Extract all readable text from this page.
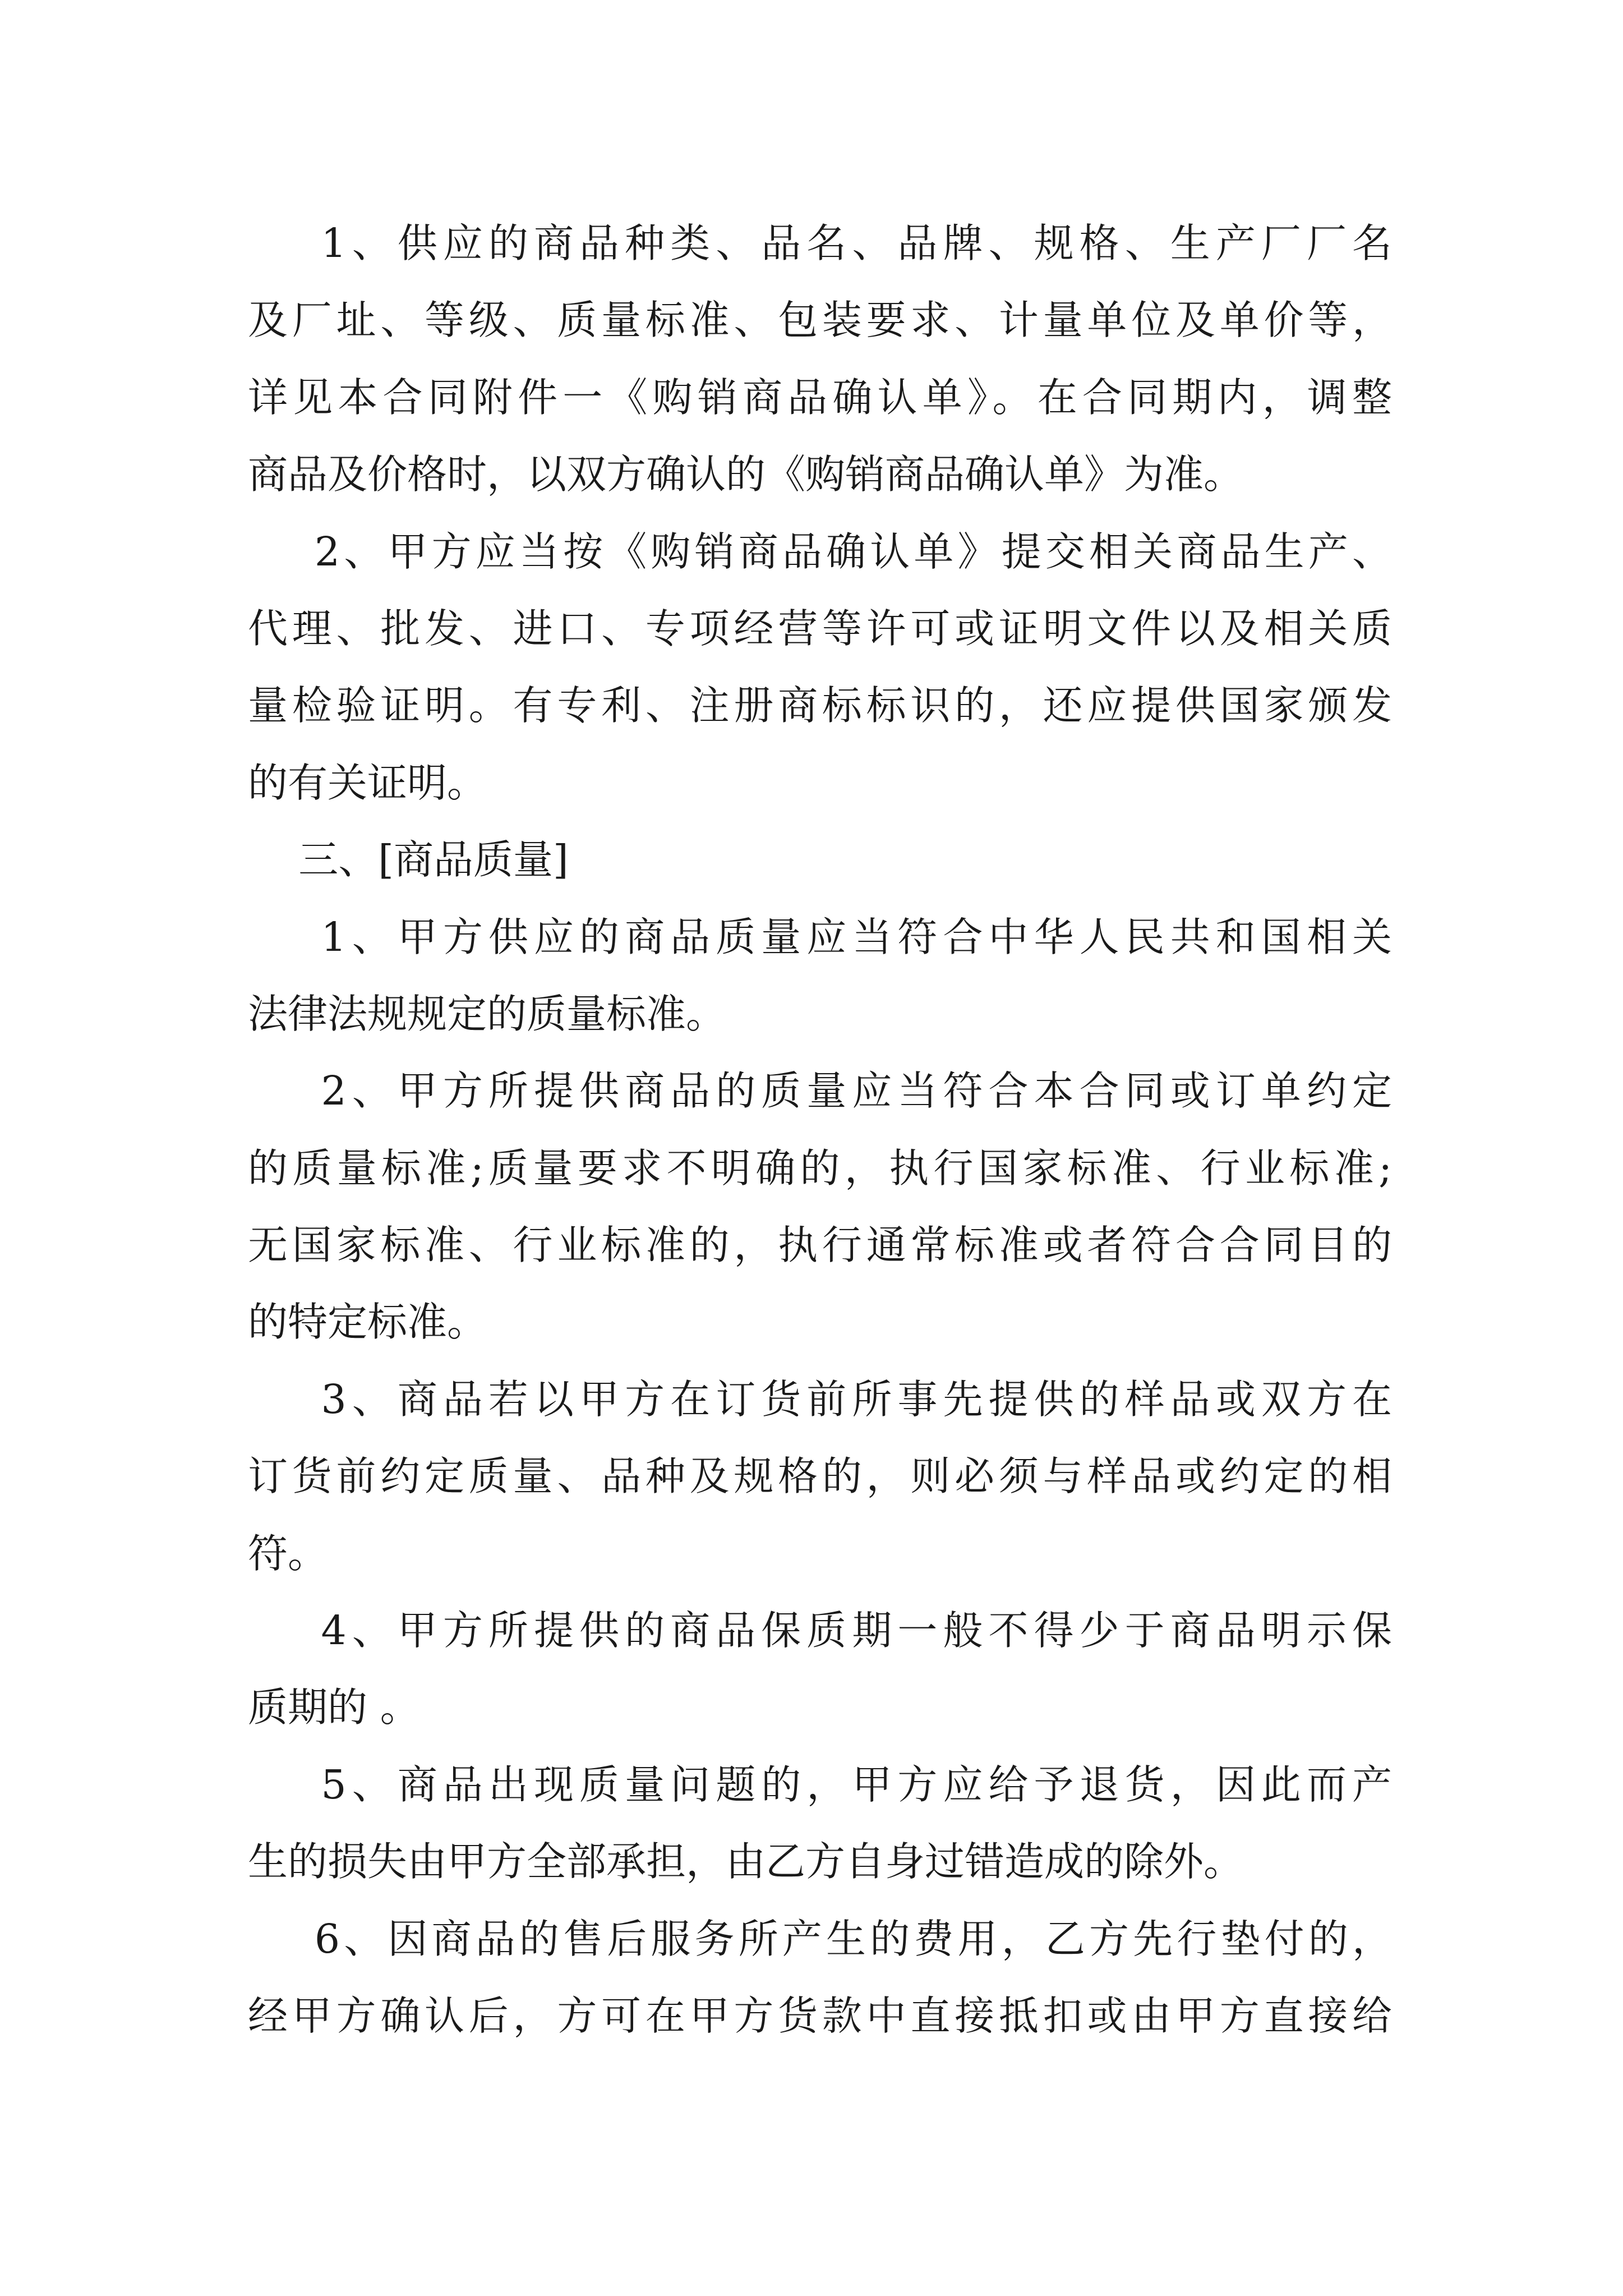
1、供应的商品种类、品名、品牌、规格、生产厂厂名
及厂址、等级、质量标准、包装要求、计量单位及单价等，
详见本合同附件一《购销商品确认单》。在合同期内，调整
商品及价格时，以双方确认的《购销商品确认单》为准。

2、甲方应当按《购销商品确认单》提交相关商品生产、
代理、批发、进口、专项经营等许可或证明文件以及相关质
量检验证明。有专利、注册商标标识的，还应提供国家颁发
的有关证明。

三、[商品质量]

1、甲方供应的商品质量应当符合中华人民共和国相关
法律法规规定的质量标准。

2、甲方所提供商品的质量应当符合本合同或订单约定
的质量标准;质量要求不明确的，执行国家标准、行业标准;
无国家标准、行业标准的，执行通常标准或者符合合同目的
的特定标准。

3、商品若以甲方在订货前所事先提供的样品或双方在
订货前约定质量、品种及规格的，则必须与样品或约定的相
符。

4、甲方所提供的商品保质期一般不得少于商品明示保
质期的 。

5、商品出现质量问题的，甲方应给予退货，因此而产
生的损失由甲方全部承担，由乙方自身过错造成的除外。

6、因商品的售后服务所产生的费用，乙方先行垫付的，
经甲方确认后，方可在甲方货款中直接抵扣或由甲方直接给
